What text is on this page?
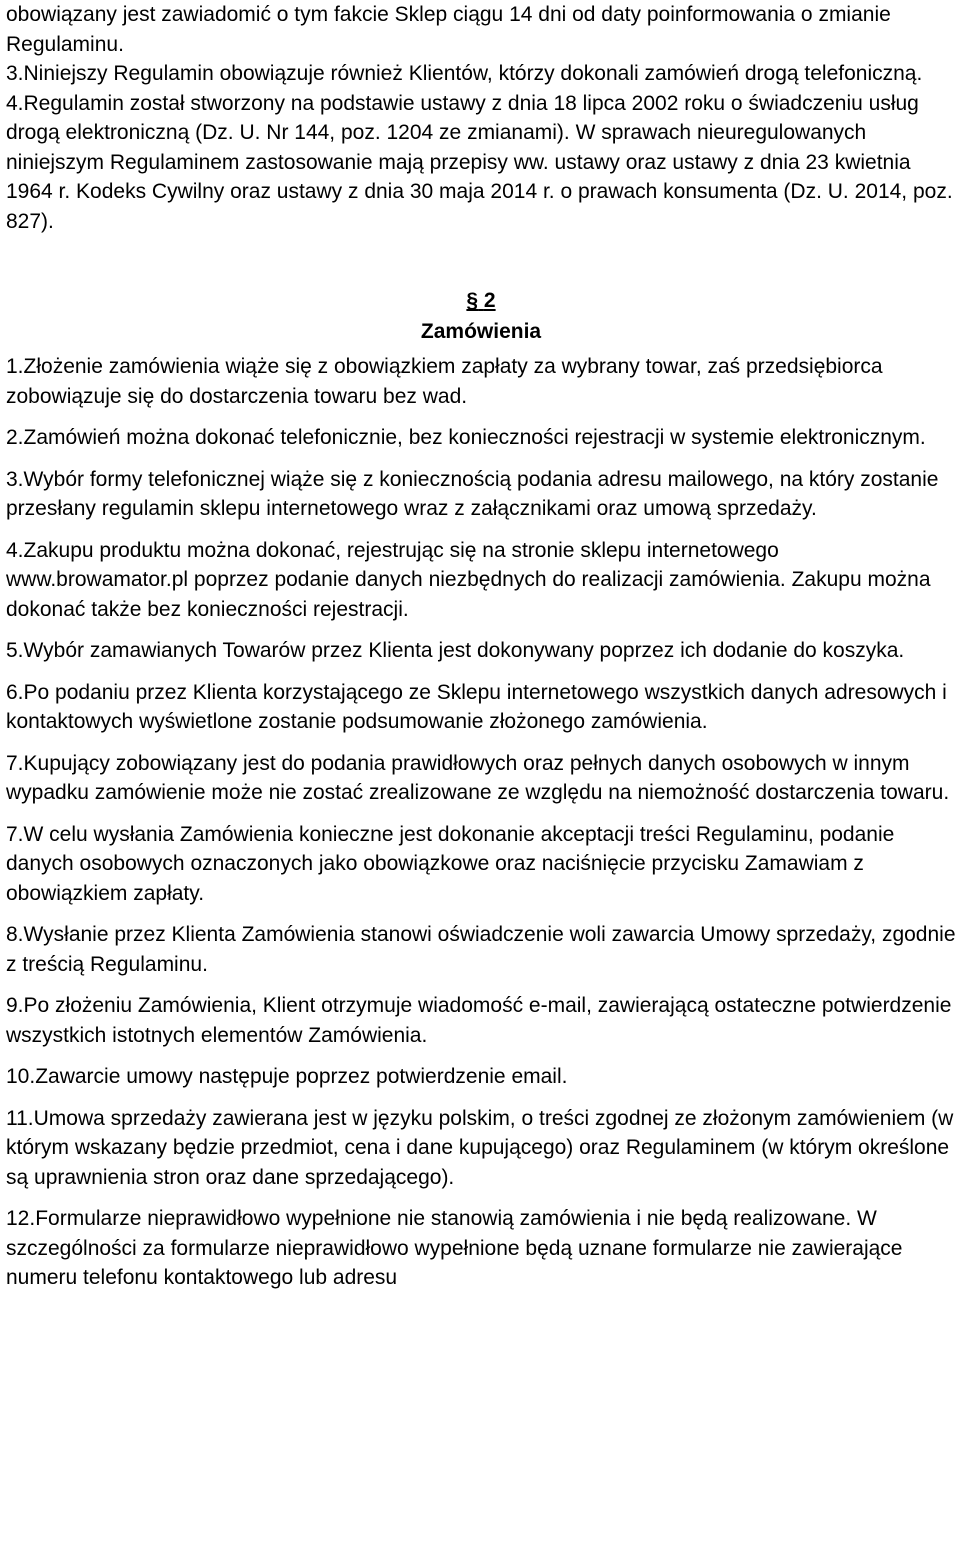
obowiązany jest zawiadomić o tym fakcie Sklep ciągu 14 dni od daty poinformowania o zmianie Regulaminu.

3.Niniejszy Regulamin obowiązuje również Klientów, którzy dokonali zamówień drogą telefoniczną.

4.Regulamin został stworzony na podstawie ustawy z dnia 18 lipca 2002 roku o świadczeniu usług drogą elektroniczną (Dz. U. Nr 144, poz. 1204 ze zmianami). W sprawach nieuregulowanych niniejszym Regulaminem zastosowanie mają przepisy ww. ustawy oraz ustawy z dnia 23 kwietnia 1964 r. Kodeks Cywilny oraz ustawy z dnia 30 maja 2014 r. o prawach konsumenta (Dz. U. 2014, poz. 827).

§ 2
Zamówienia

1.Złożenie zamówienia wiąże się z obowiązkiem zapłaty za wybrany towar, zaś przedsiębiorca zobowiązuje się do dostarczenia towaru bez wad.

2.Zamówień można dokonać telefonicznie, bez konieczności rejestracji w systemie elektronicznym.

3.Wybór formy telefonicznej wiąże się z koniecznością podania adresu mailowego, na który zostanie przesłany regulamin sklepu internetowego wraz z załącznikami oraz umową sprzedaży.

4.Zakupu produktu można dokonać, rejestrując się na stronie sklepu internetowego www.browamator.pl poprzez podanie danych niezbędnych do realizacji zamówienia. Zakupu można dokonać także bez konieczności rejestracji.

5.Wybór zamawianych Towarów przez Klienta jest dokonywany poprzez ich dodanie do koszyka.

6.Po podaniu przez Klienta korzystającego ze Sklepu internetowego wszystkich danych adresowych i kontaktowych wyświetlone zostanie podsumowanie złożonego zamówienia.

7.Kupujący zobowiązany jest do podania prawidłowych oraz pełnych danych osobowych w innym wypadku zamówienie może nie zostać zrealizowane ze względu na niemożność dostarczenia towaru.

7.W celu wysłania Zamówienia konieczne jest dokonanie akceptacji treści Regulaminu, podanie danych osobowych oznaczonych jako obowiązkowe oraz naciśnięcie przycisku Zamawiam z obowiązkiem zapłaty.

8.Wysłanie przez Klienta Zamówienia stanowi oświadczenie woli zawarcia Umowy sprzedaży, zgodnie z treścią Regulaminu.

9.Po złożeniu Zamówienia, Klient otrzymuje wiadomość e-mail, zawierającą ostateczne potwierdzenie wszystkich istotnych elementów Zamówienia.

10.Zawarcie umowy następuje poprzez potwierdzenie email.

11.Umowa sprzedaży zawierana jest w języku polskim, o treści zgodnej ze złożonym zamówieniem (w którym wskazany będzie przedmiot, cena i dane kupującego) oraz Regulaminem (w którym określone są uprawnienia stron oraz dane sprzedającego).

12.Formularze nieprawidłowo wypełnione nie stanowią zamówienia i nie będą realizowane. W szczególności za formularze nieprawidłowo wypełnione będą uznane formularze nie zawierające numeru telefonu kontaktowego lub adresu
